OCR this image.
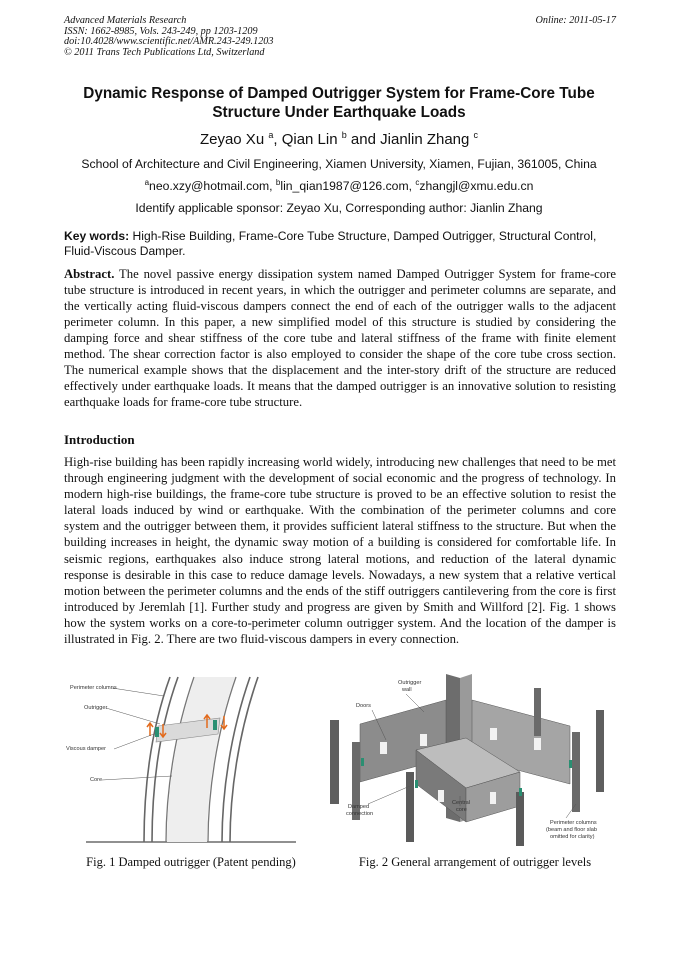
Advanced Materials Research
ISSN: 1662-8985, Vols. 243-249, pp 1203-1209
doi:10.4028/www.scientific.net/AMR.243-249.1203
© 2011 Trans Tech Publications Ltd, Switzerland
Online: 2011-05-17
Dynamic Response of Damped Outrigger System for Frame-Core Tube Structure Under Earthquake Loads
Zeyao Xu $^a$, Qian Lin $^b$ and Jianlin Zhang $^c$
School of Architecture and Civil Engineering, Xiamen University, Xiamen, Fujian, 361005, China
$^a$neo.xzy@hotmail.com, $^b$lin_qian1987@126.com, $^c$zhangjl@xmu.edu.cn
Identify applicable sponsor: Zeyao Xu, Corresponding author: Jianlin Zhang
Key words: High-Rise Building, Frame-Core Tube Structure, Damped Outrigger, Structural Control, Fluid-Viscous Damper.
Abstract. The novel passive energy dissipation system named Damped Outrigger System for frame-core tube structure is introduced in recent years, in which the outrigger and perimeter columns are separate, and the vertically acting fluid-viscous dampers connect the end of each of the outrigger walls to the adjacent perimeter column. In this paper, a new simplified model of this structure is studied by considering the damping force and shear stiffness of the core tube and lateral stiffness of the frame with finite element method. The shear correction factor is also employed to consider the shape of the core tube cross section. The numerical example shows that the displacement and the inter-story drift of the structure are reduced effectively under earthquake loads. It means that the damped outrigger is an innovative solution to resisting earthquake loads for frame-core tube structure.
Introduction
High-rise building has been rapidly increasing world widely, introducing new challenges that need to be met through engineering judgment with the development of social economic and the progress of technology. In modern high-rise buildings, the frame-core tube structure is proved to be an effective solution to resist the lateral loads induced by wind or earthquake. With the combination of the perimeter columns and core system and the outrigger between them, it provides sufficient lateral stiffness to the structure. But when the building increases in height, the dynamic sway motion of a building is considered for comfortable life. In seismic regions, earthquakes also induce strong lateral motions, and reduction of the lateral dynamic response is desirable in this case to reduce damage levels. Nowadays, a new system that a relative vertical motion between the perimeter columns and the ends of the stiff outriggers cantilevering from the core is first introduced by Jeremlah [1]. Further study and progress are given by Smith and Willford [2]. Fig. 1 shows how the system works on a core-to-perimeter column outrigger system. And the location of the damper is illustrated in Fig. 2. There are two fluid-viscous dampers in every connection.
Perimeter columns
Outrigger
Viscous damper
Core
Outrigger
wall
Doors
Damped
connection
Central
core
Perimeter columns
(beam and floor slab
omitted for clarity)
Fig. 1 Damped outrigger (Patent pending)	Fig. 2 General arrangement of outrigger levels
